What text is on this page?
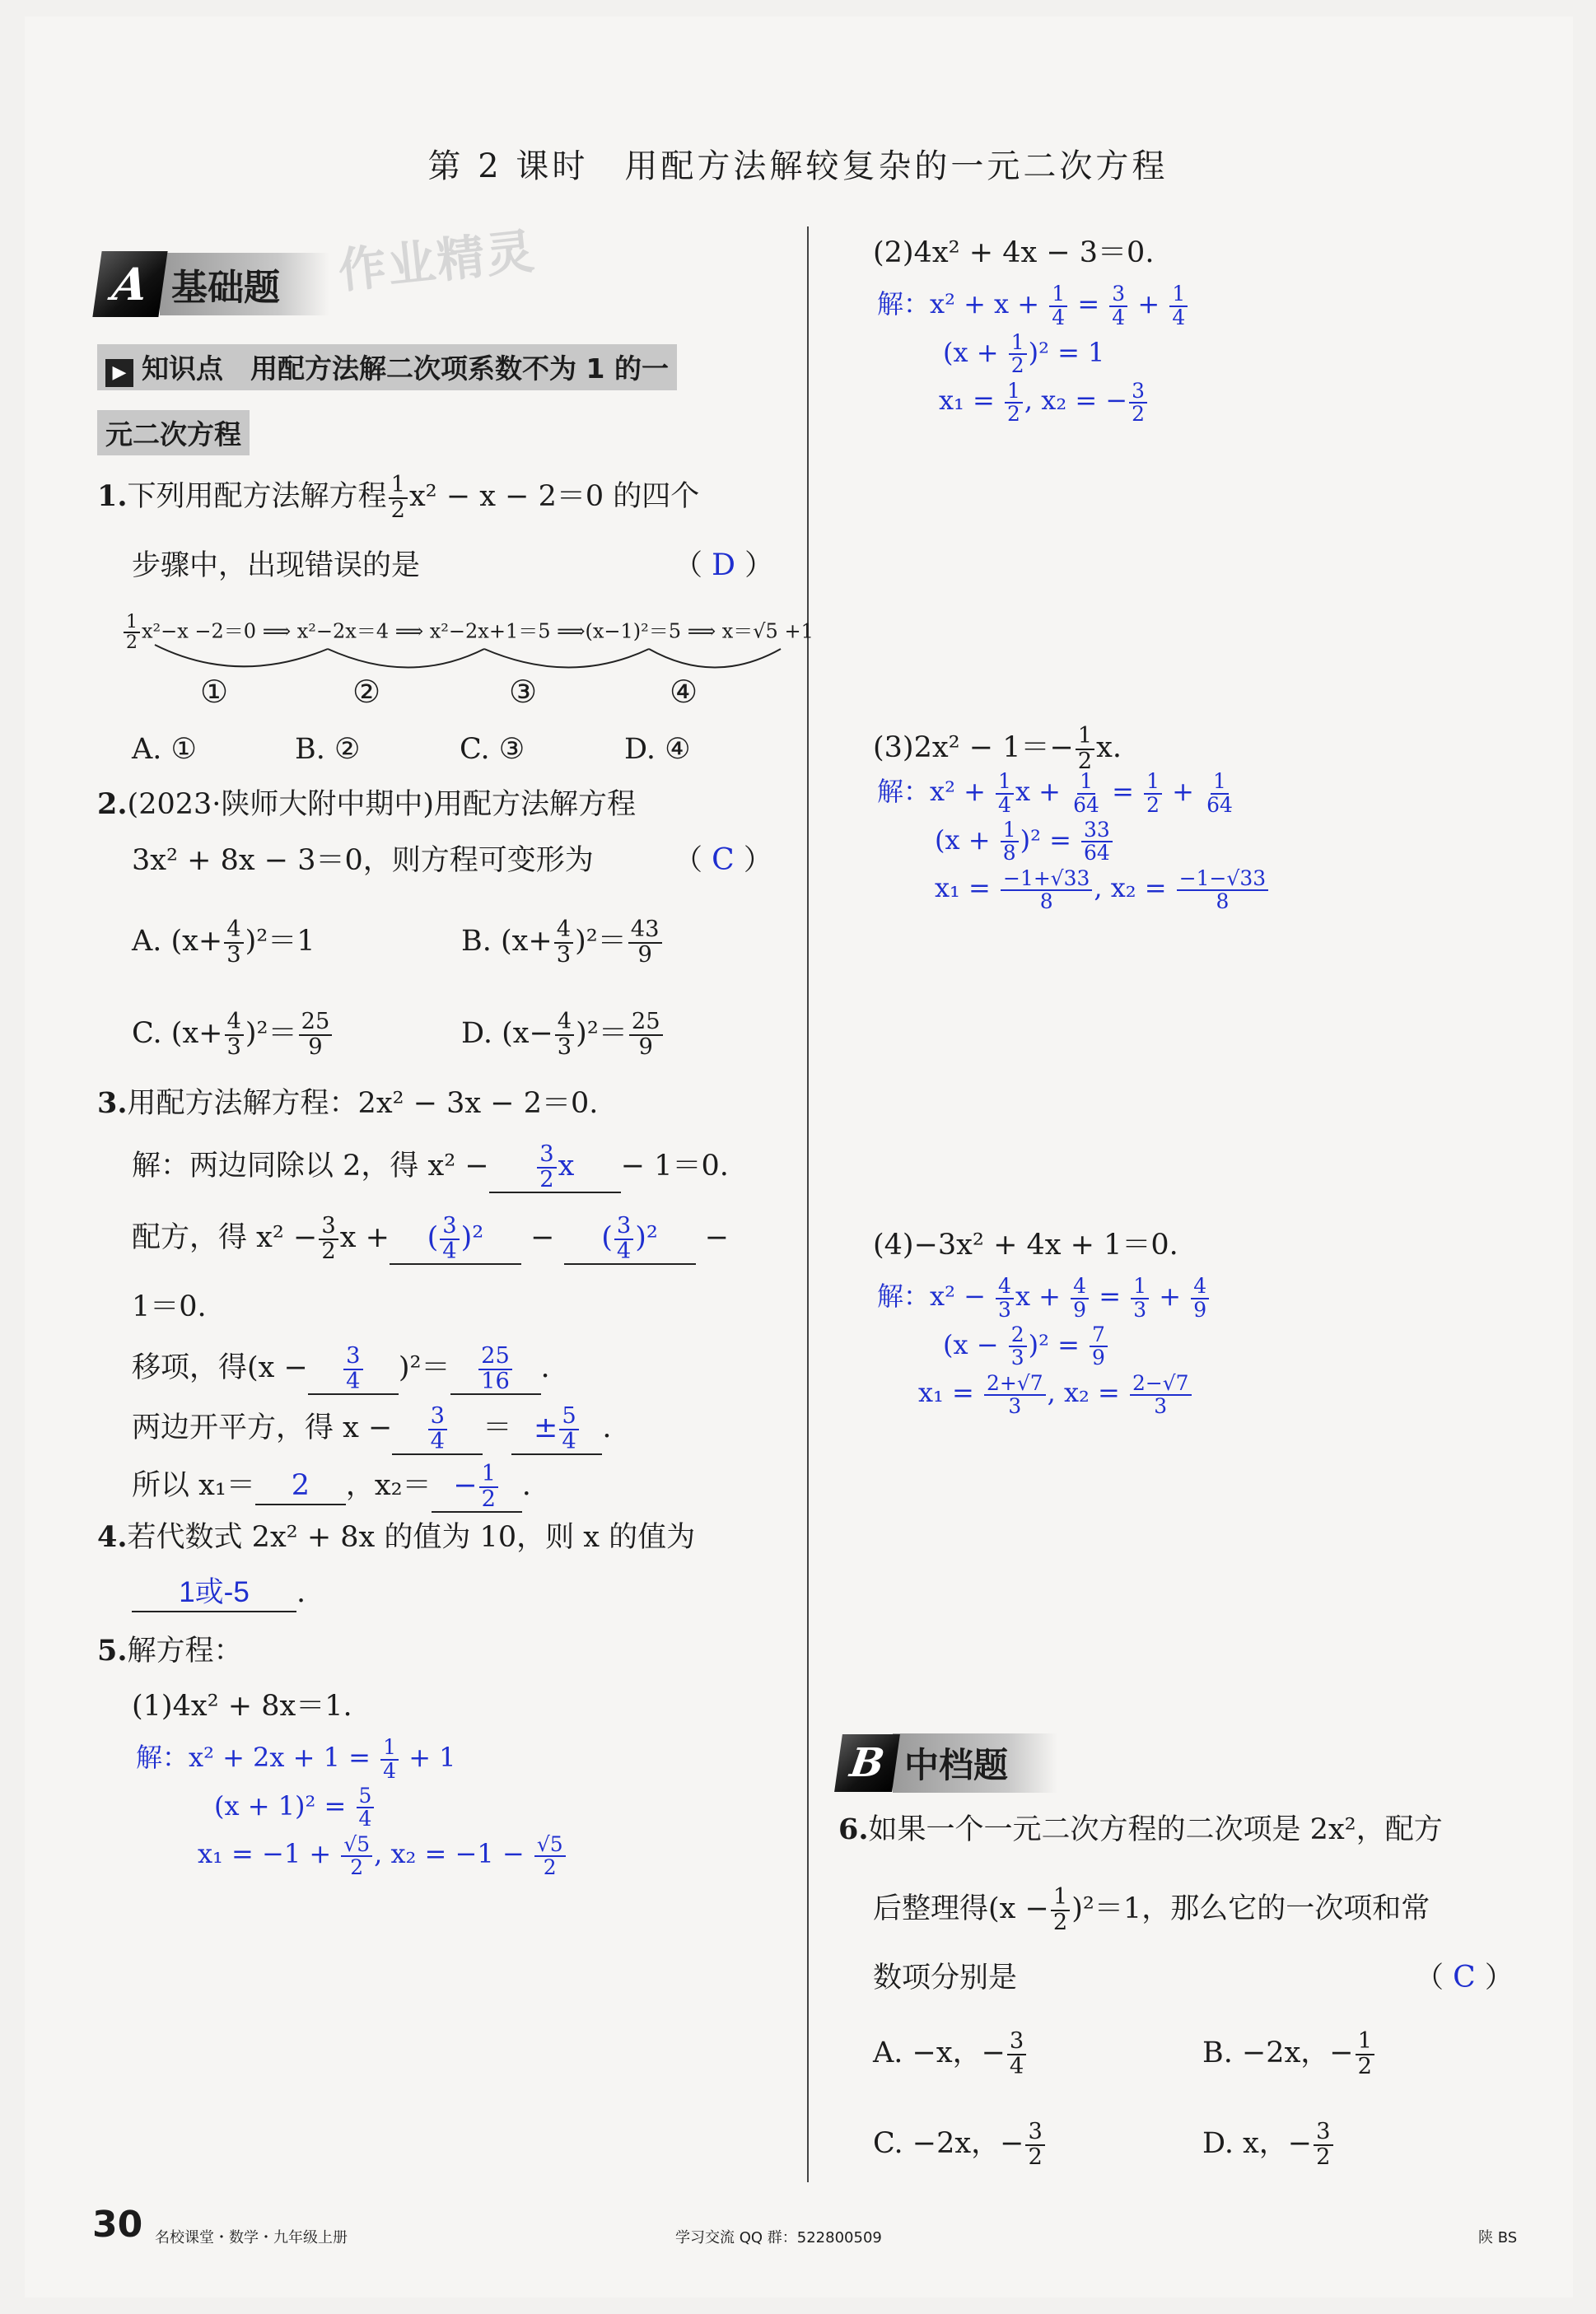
第 2 课时　用配方法解较复杂的一元二次方程
A 基础题	作业精灵
▶ 知识点　用配方法解二次项系数不为 1 的一
元二次方程
1.下列用配方法解方程 $\frac{1}{2} x^2 - x - 2=0$ 的四个
步骤中，出现错误的是	（ D ）
$\frac{1}{2} x^2-x -2=0$ ⟹ x²−2x＝4 ⟹ x²−2x+1＝5 ⟹(x−1)²＝5 ⟹ x＝√5 +1
①	②	③	④
A. ①	B. ②	C. ③	D. ④
2.(2023·陕师大附中期中)用配方法解方程
3x² + 8x − 3＝0，则方程可变形为	（ C ）
A. $(x+ \frac{4}{3} )^2=1$	B. $(x+ \frac{4}{3} )^2= \frac{43}{9}$
C. $(x+ \frac{4}{3} )^2= \frac{25}{9}$	D. $(x- \frac{4}{3} )^2= \frac{25}{9}$
3.用配方法解方程：2x² − 3x − 2＝0.
解：两边同除以 2，得 $x^2 - \frac{3}{2}$ x − 1＝0.
配方，得 $x^2 - \frac{3}{2}$ x + ( $\frac{3}{4} )^2$ − ( $\frac{3}{4} )^2$ −
1＝0.
移项，得$(x - \frac{3}{4} )^2= \frac{25}{16}$ .
两边开平方，得 $x - \frac{3}{4}$ ＝ ± $\frac{5}{4}$ .
所以 x₁＝ 2 ，$x_2= - \frac{1}{2}$ .
4.若代数式 2x² + 8x 的值为 10，则 x 的值为
1或-5 .
5.解方程：
(1)4x² + 8x＝1.
解：$x^2 + 2x + 1 = \frac{1}{4} + 1$
$(x + 1)^2 = \frac{5}{4}$
$x_1 = -1 + \frac{√5}{2}$ , $x_2 = -1 - \frac{√5}{2}$
(2)4x² + 4x − 3＝0.
解：$x^2 + x + \frac{1}{4} = \frac{3}{4} + \frac{1}{4}$
$(x + \frac{1}{2} )^2 = 1$
$x_1 = \frac{1}{2}$ , x₂ = − $\frac{3}{2}$
$(3)2x^2 - 1=- \frac{1}{2} x$.
解：$x^2 + \frac{1}{4}$ $x + \frac{1}{64} = \frac{1}{2} + \frac{1}{64}$
$(x + \frac{1}{8} )^2 = \frac{33}{64}$
$x_1 = \frac{-1+√33}{8}$ , $x_2 = \frac{-1-√33}{8}$
(4)−3x² + 4x + 1＝0.
解：$x^2 - \frac{4}{3}$ $x + \frac{4}{9} = \frac{1}{3} + \frac{4}{9}$
$(x - \frac{2}{3} )^2 = \frac{7}{9}$
$x_1 = \frac{2+√7}{3}$ , $x_2 = \frac{2-√7}{3}$
B 中档题
6.如果一个一元二次方程的二次项是 2x²，配方
后整理得$(x - \frac{1}{2} )^2=1$，那么它的一次项和常
数项分别是	（ C ）
A. −x，− $\frac{3}{4}$	B. −2x，− $\frac{1}{2}$
C. −2x，− $\frac{3}{2}$	D. x，− $\frac{3}{2}$
30 名校课堂・数学・九年级上册	学习交流 QQ 群：522800509	陕 BS
